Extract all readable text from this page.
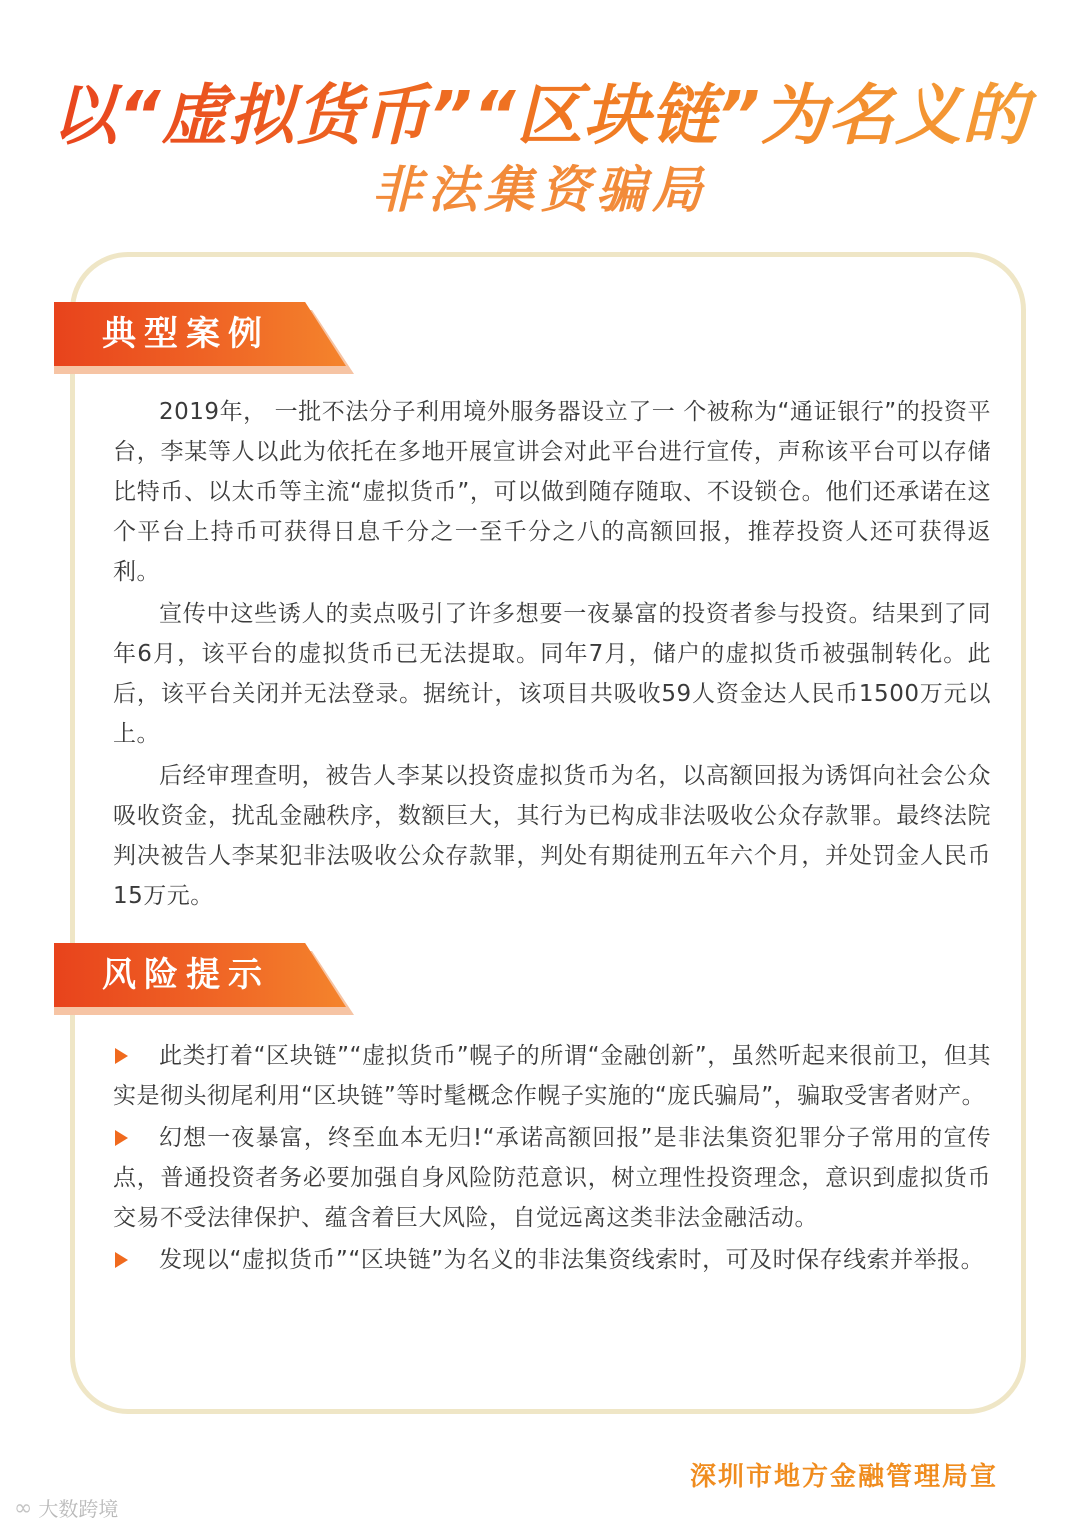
以“虚拟货币”“区块链”为名义的
非法集资骗局
典型案例

2019年， 一批不法分子利用境外服务器设立了一 个被称为“通证银行”的投资平台，李某等人以此为依托在多地开展宣讲会对此平台进行宣传，声称该平台可以存储比特币、以太币等主流“虚拟货币”，可以做到随存随取、不设锁仓。他们还承诺在这个平台上持币可获得日息千分之一至千分之八的高额回报，推荐投资人还可获得返利。

宣传中这些诱人的卖点吸引了许多想要一夜暴富的投资者参与投资。结果到了同年6月，该平台的虚拟货币已无法提取。同年7月，储户的虚拟货币被强制转化。此后，该平台关闭并无法登录。据统计，该项目共吸收59人资金达人民币1500万元以上。

后经审理查明，被告人李某以投资虚拟货币为名，以高额回报为诱饵向社会公众吸收资金，扰乱金融秩序，数额巨大，其行为已构成非法吸收公众存款罪。最终法院判决被告人李某犯非法吸收公众存款罪，判处有期徒刑五年六个月，并处罚金人民币15万元。

风险提示
此类打着“区块链”“虚拟货币”幌子的所谓“金融创新”，虽然听起来很前卫，但其实是彻头彻尾利用“区块链”等时髦概念作幌子实施的“庞氏骗局”，骗取受害者财产。
幻想一夜暴富，终至血本无归!“承诺高额回报”是非法集资犯罪分子常用的宣传点，普通投资者务必要加强自身风险防范意识，树立理性投资理念，意识到虚拟货币交易不受法律保护、蕴含着巨大风险，自觉远离这类非法金融活动。
发现以“虚拟货币”“区块链”为名义的非法集资线索时，可及时保存线索并举报。
深圳市地方金融管理局宣
∞ 大数跨境
